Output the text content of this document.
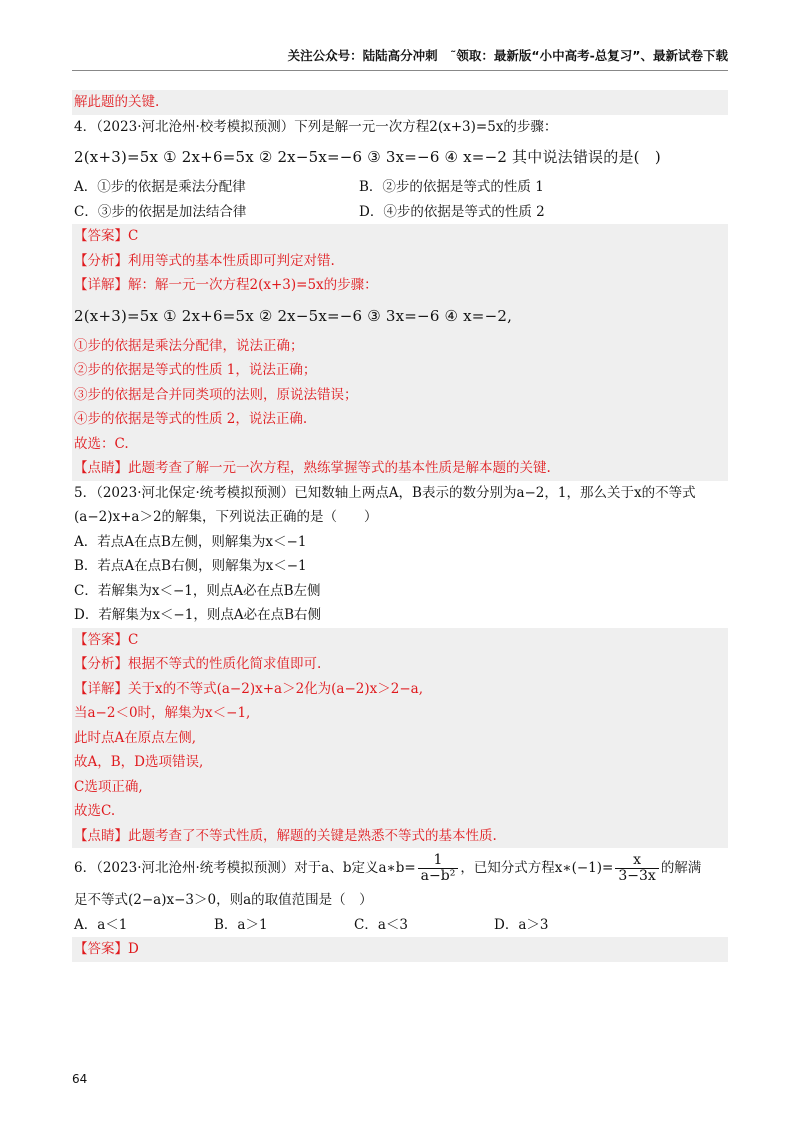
关注公众号：陆陆高分冲刺　˜领取：最新版“小中高考-总复习”、最新试卷下载
解此题的关键.
4．（2023·河北沧州·校考模拟预测）下列是解一元一次方程2(x+3)=5x的步骤：
2(x+3)=5x ① 2x+6=5x ② 2x−5x=−6 ③ 3x=−6 ④ x=−2 其中说法错误的是(　)
A．①步的依据是乘法分配律	B．②步的依据是等式的性质 1
C．③步的依据是加法结合律	D．④步的依据是等式的性质 2
【答案】C
【分析】利用等式的基本性质即可判定对错.
【详解】解：解一元一次方程2(x+3)=5x的步骤：
2(x+3)=5x ① 2x+6=5x ② 2x−5x=−6 ③ 3x=−6 ④ x=−2,
①步的依据是乘法分配律，说法正确；
②步的依据是等式的性质 1，说法正确；
③步的依据是合并同类项的法则，原说法错误；
④步的依据是等式的性质 2，说法正确.
故选：C.
【点睛】此题考查了解一元一次方程，熟练掌握等式的基本性质是解本题的关键.
5．（2023·河北保定·统考模拟预测）已知数轴上两点A，B表示的数分别为a−2，1，那么关于x的不等式
(a−2)x+a＞2的解集，下列说法正确的是（　　）
A．若点A在点B左侧，则解集为x＜−1
B．若点A在点B右侧，则解集为x＜−1
C．若解集为x＜−1，则点A必在点B左侧
D．若解集为x＜−1，则点A必在点B右侧
【答案】C
【分析】根据不等式的性质化简求值即可.
【详解】关于x的不等式(a−2)x+a＞2化为(a−2)x＞2−a,
当a−2＜0时，解集为x＜−1,
此时点A在原点左侧,
故A，B，D选项错误,
C选项正确,
故选C.
【点睛】此题考查了不等式性质，解题的关键是熟悉不等式的基本性质.
6．（2023·河北沧州·统考模拟预测）对于a、b定义a∗b= $\frac{1}{\text{a−b²}}$ ，已知分式方程x∗(−1)= $\frac{x}{3-3x}$ 的解满
足不等式(2−a)x−3＞0，则a的取值范围是（　）
A．a＜1	B．a＞1	C．a＜3	D．a＞3
【答案】D
64
